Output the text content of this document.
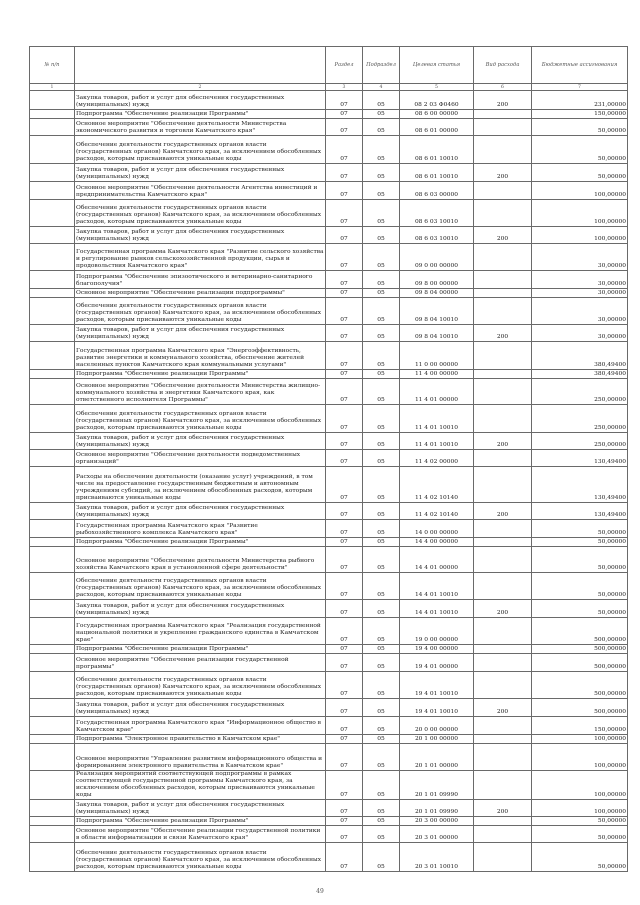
№ п/п		Раздел	Подраздел	Целевая статья	Вид расхода	Бюджетные ассигнования
1	2	3	4	5	6	7
	Закупка товаров, работ и услуг для обеспечения государственных (муниципальных) нужд	07	05	08 2 03 Ф0460	200	231,00000
	Подпрограмма "Обеспечение реализации Программы"	07	05	08 6 00 00000		150,00000
	Основное мероприятие "Обеспечение деятельности Министерства экономического развития и торговли Камчатского края"	07	05	08 6 01 00000		50,00000
	Обеспечение деятельности государственных органов власти (государственных органов) Камчатского края, за исключением обособленных расходов, которым присваиваются уникальные коды	07	05	08 6 01 10010		50,00000
	Закупка товаров, работ и услуг для обеспечения государственных (муниципальных) нужд	07	05	08 6 01 10010	200	50,00000
	Основное мероприятие "Обеспечение деятельности Агентства инвестиций и предпринимательства Камчатского края"	07	05	08 6 03 00000		100,00000
	Обеспечение деятельности государственных органов власти (государственных органов) Камчатского края, за исключением обособленных расходов, которым присваиваются уникальные коды	07	05	08 6 03 10010		100,00000
	Закупка товаров, работ и услуг для обеспечения государственных (муниципальных) нужд	07	05	08 6 03 10010	200	100,00000
	Государственная программа Камчатского края "Развитие сельского хозяйства и регулирование рынков сельскохозяйственной продукции, сырья и продовольствия Камчатского края"	07	05	09 0 00 00000		30,00000
	Подпрограмма "Обеспечение эпизоотического и ветеринарно-санитарного благополучия"	07	05	09 8 00 00000		30,00000
	Основное мероприятие "Обеспечение реализации подпрограммы"	07	05	09 8 04 00000		30,00000
	Обеспечение деятельности государственных органов власти (государственных органов) Камчатского края, за исключением обособленных расходов, которым присваиваются уникальные коды	07	05	09 8 04 10010		30,00000
	Закупка товаров, работ и услуг для обеспечения государственных (муниципальных) нужд	07	05	09 8 04 10010	200	30,00000
	Государственная программа Камчатского края "Энергоэффективность, развитие энергетики и коммунального хозяйства, обеспечение жителей населенных пунктов Камчатского края коммунальными услугами"	07	05	11 0 00 00000		380,49400
	Подпрограмма "Обеспечение реализации Программы"	07	05	11 4 00 00000		380,49400
	Основное мероприятие "Обеспечение деятельности Министерства жилищно-коммунального хозяйства и энергетики Камчатского края, как ответственного исполнителя Программы"	07	05	11 4 01 00000		250,00000
	Обеспечение деятельности государственных органов власти (государственных органов) Камчатского края, за исключением обособленных расходов, которым присваиваются уникальные коды	07	05	11 4 01 10010		250,00000
	Закупка товаров, работ и услуг для обеспечения государственных (муниципальных) нужд	07	05	11 4 01 10010	200	250,00000
	Основное мероприятие "Обеспечение деятельности подведомственных организаций"	07	05	11 4 02 00000		130,49400
	Расходы на обеспечение деятельности (оказание услуг) учреждений, в том числе на предоставление государственным бюджетным и автономным учреждениям субсидий, за исключением обособленных расходов, которым присваиваются уникальные коды	07	05	11 4 02 10140		130,49400
	Закупка товаров, работ и услуг для обеспечения государственных (муниципальных) нужд	07	05	11 4 02 10140	200	130,49400
	Государственная программа Камчатского края "Развитие рыбохозяйственного комплекса Камчатского края"	07	05	14 0 00 00000		50,00000
	Подпрограмма "Обеспечение реализации Программы"	07	05	14 4 00 00000		50,00000
	Основное мероприятие "Обеспечение деятельности Министерства рыбного хозяйства Камчатского края в установленной сфере деятельности"	07	05	14 4 01 00000		50,00000
	Обеспечение деятельности государственных органов власти (государственных органов) Камчатского края, за исключением обособленных расходов, которым присваиваются уникальные коды	07	05	14 4 01 10010		50,00000
	Закупка товаров, работ и услуг для обеспечения государственных (муниципальных) нужд	07	05	14 4 01 10010	200	50,00000
	Государственная программа Камчатского края "Реализация государственной национальной политики и укрепление гражданского единства в Камчатском крае"	07	05	19 0 00 00000		500,00000
	Подпрограмма "Обеспечение реализации Программы"	07	05	19 4 00 00000		500,00000
	Основное мероприятие "Обеспечение реализации государственной программы"	07	05	19 4 01 00000		500,00000
	Обеспечение деятельности государственных органов власти (государственных органов) Камчатского края, за исключением обособленных расходов, которым присваиваются уникальные коды	07	05	19 4 01 10010		500,00000
	Закупка товаров, работ и услуг для обеспечения государственных (муниципальных) нужд	07	05	19 4 01 10010	200	500,00000
	Государственная программа Камчатского края "Информационное общество в Камчатском крае"	07	05	20 0 00 00000		150,00000
	Подпрограмма "Электронное правительство в Камчатском крае"	07	05	20 1 00 00000		100,00000
	Основное мероприятие "Управление развитием информационного общества и формированием электронного правительства в Камчатском крае"	07	05	20 1 01 00000		100,00000
	Реализация мероприятий соответствующей подпрограммы в рамках соответствующей государственной программы Камчатского края, за исключением обособленных расходов, которым присваиваются уникальные коды	07	05	20 1 01 09990		100,00000
	Закупка товаров, работ и услуг для обеспечения государственных (муниципальных) нужд	07	05	20 1 01 09990	200	100,00000
	Подпрограмма "Обеспечение реализации Программы"	07	05	20 3 00 00000		50,00000
	Основное мероприятие "Обеспечение реализации государственной политики в области информатизации и связи Камчатского края"	07	05	20 3 01 00000		50,00000
	Обеспечение деятельности государственных органов власти (государственных органов) Камчатского края, за исключением обособленных расходов, которым присваиваются уникальные коды	07	05	20 3 01 10010		50,00000
49
